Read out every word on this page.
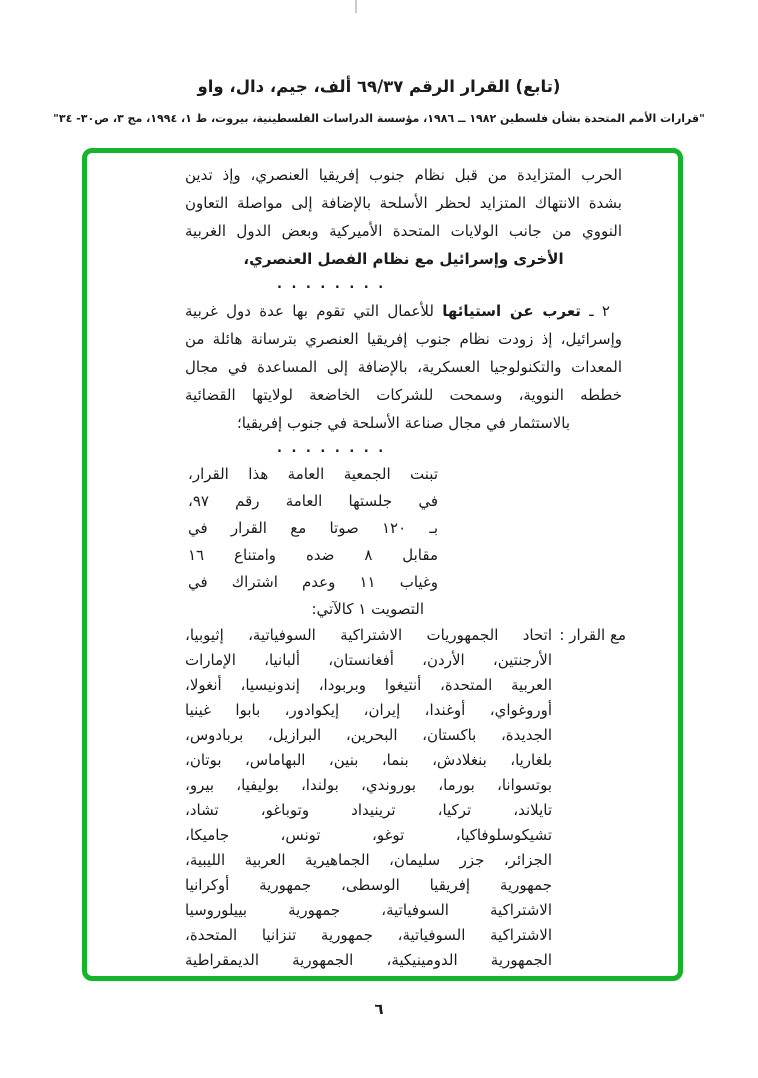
(تابع) القرار الرقم ٦٩/٣٧ ألف، جيم، دال، واو
"قرارات الأمم المتحدة بشأن فلسطين ١٩٨٢ ــ ١٩٨٦، مؤسسة الدراسات الفلسطينية، بيروت، ط ١، ١٩٩٤، مج ٣، ص٣٠- ٣٤"
الحرب المتزايدة من قبل نظام جنوب إفريقيا العنصري، وإذ تدين
بشدة الانتهاك المتزايد لحظر الأسلحة بالإضافة إلى مواصلة التعاون
النووي من جانب الولايات المتحدة الأميركية وبعض الدول الغربية
الأخرى وإسرائيل مع نظام الفصل العنصري،
. . . . . . . .
٢ ـ تعرب عن استيائها للأعمال التي تقوم بها عدة دول غربية
وإسرائيل، إذ زودت نظام جنوب إفريقيا العنصري بترسانة هائلة من
المعدات والتكنولوجيا العسكرية، بالإضافة إلى المساعدة في مجال
خططه النووية، وسمحت للشركات الخاضعة لولايتها القضائية
بالاستثمار في مجال صناعة الأسلحة في جنوب إفريقيا؛
. . . . . . . .
تبنت الجمعية العامة هذا القرار،
في جلستها العامة رقم ٩٧،
بـ ١٢٠ صوتا مع القرار في
مقابل ٨ ضده وامتناع ١٦
وغياب ١١ وعدم اشتراك في
التصويت ١ كالآتي:
مع القرار :
اتحاد الجمهوريات الاشتراكية السوفياتية، إثيوبيا،
الأرجنتين، الأردن، أفغانستان، ألبانيا، الإمارات
العربية المتحدة، أنتيغوا وبربودا، إندونيسيا، أنغولا،
أوروغواي، أوغندا، إيران، إيكوادور، بابوا غينيا
الجديدة، باكستان، البحرين، البرازيل، بربادوس،
بلغاريا، بنغلادش، بنما، بنين، البهاماس، بوتان،
بوتسوانا، بورما، بوروندي، بولندا، بوليفيا، بيرو،
تايلاند، تركيا، ترينيداد وتوباغو، تشاد،
تشيكوسلوفاكيا، توغو، تونس، جاميكا،
الجزائر، جزر سليمان، الجماهيرية العربية الليبية،
جمهورية إفريقيا الوسطى، جمهورية أوكرانيا
الاشتراكية السوفياتية، جمهورية بييلوروسيا
الاشتراكية السوفياتية، جمهورية تنزانيا المتحدة،
الجمهورية الدومينيكية، الجمهورية الديمقراطية
٦
